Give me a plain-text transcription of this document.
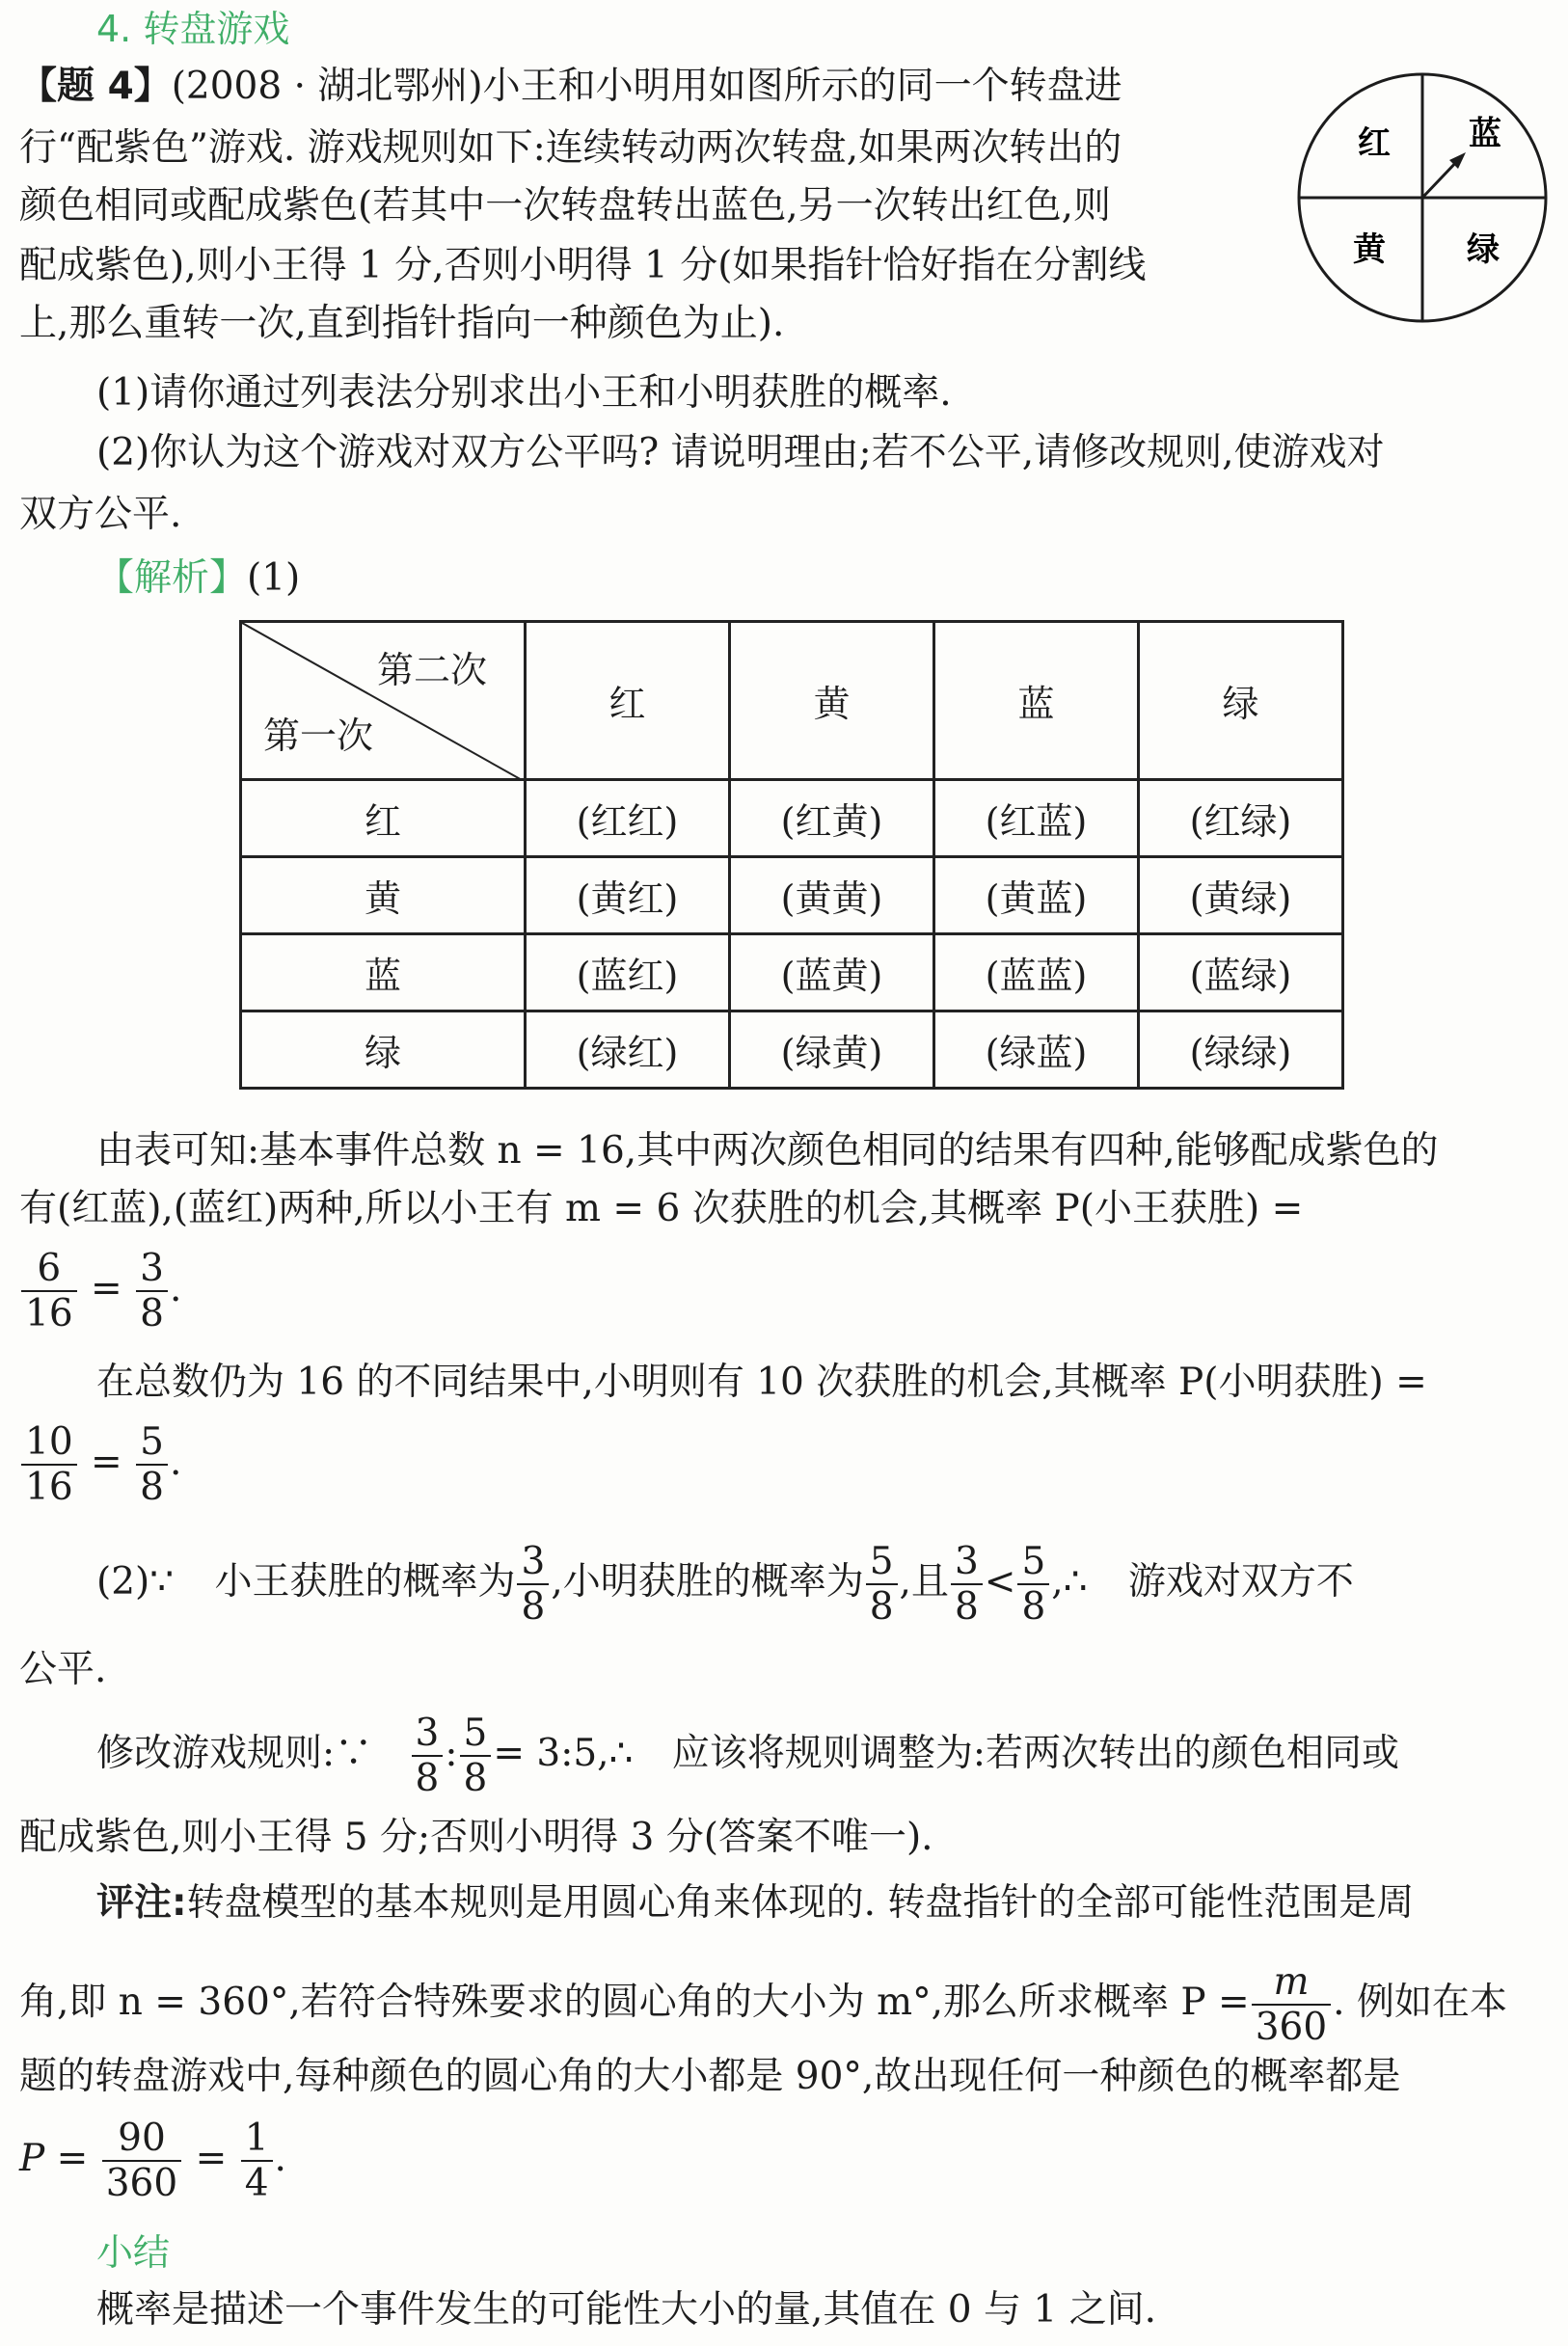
4. 转盘游戏
【题 4】(2008 · 湖北鄂州)小王和小明用如图所示的同一个转盘进
行“配紫色”游戏. 游戏规则如下:连续转动两次转盘,如果两次转出的
颜色相同或配成紫色(若其中一次转盘转出蓝色,另一次转出红色,则
配成紫色),则小王得 1 分,否则小明得 1 分(如果指针恰好指在分割线
上,那么重转一次,直到指针指向一种颜色为止).
(1)请你通过列表法分别求出小王和小明获胜的概率.
(2)你认为这个游戏对双方公平吗? 请说明理由;若不公平,请修改规则,使游戏对
双方公平.
红 蓝
黄 绿
【解析】(1)
第二次
第一次	红	黄	蓝	绿
红	(红红)	(红黄)	(红蓝)	(红绿)
黄	(黄红)	(黄黄)	(黄蓝)	(黄绿)
蓝	(蓝红)	(蓝黄)	(蓝蓝)	(蓝绿)
绿	(绿红)	(绿黄)	(绿蓝)	(绿绿)
由表可知:基本事件总数 n = 16,其中两次颜色相同的结果有四种,能够配成紫色的
有(红蓝),(蓝红)两种,所以小王有 m = 6 次获胜的机会,其概率 P(小王获胜) =
$\frac{6}{16} = \frac{3}{8}$ .
在总数仍为 16 的不同结果中,小明则有 10 次获胜的机会,其概率 P(小明获胜) =
$\frac{10}{16} = \frac{5}{8}$ .
(2)∵ 小王获胜的概率为 $\frac{3}{8}$ ,小明获胜的概率为 $\frac{5}{8}$ ,且 $\frac{3}{8} < \frac{5}{8}$ ,∴ 游戏对双方不
公平.
修改游戏规则:∵ $\frac{3}{8}$ : $\frac{5}{8}$ = 3:5,∴ 应该将规则调整为:若两次转出的颜色相同或
配成紫色,则小王得 5 分;否则小明得 3 分(答案不唯一).
评注:转盘模型的基本规则是用圆心角来体现的. 转盘指针的全部可能性范围是周
角,即 n = 360°,若符合特殊要求的圆心角的大小为 m°,那么所求概率 $P = \frac{m}{360}$ . 例如在本
题的转盘游戏中,每种颜色的圆心角的大小都是 90°,故出现任何一种颜色的概率都是
$P = \frac{90}{360} = \frac{1}{4}$ .
小结
概率是描述一个事件发生的可能性大小的量,其值在 0 与 1 之间.
